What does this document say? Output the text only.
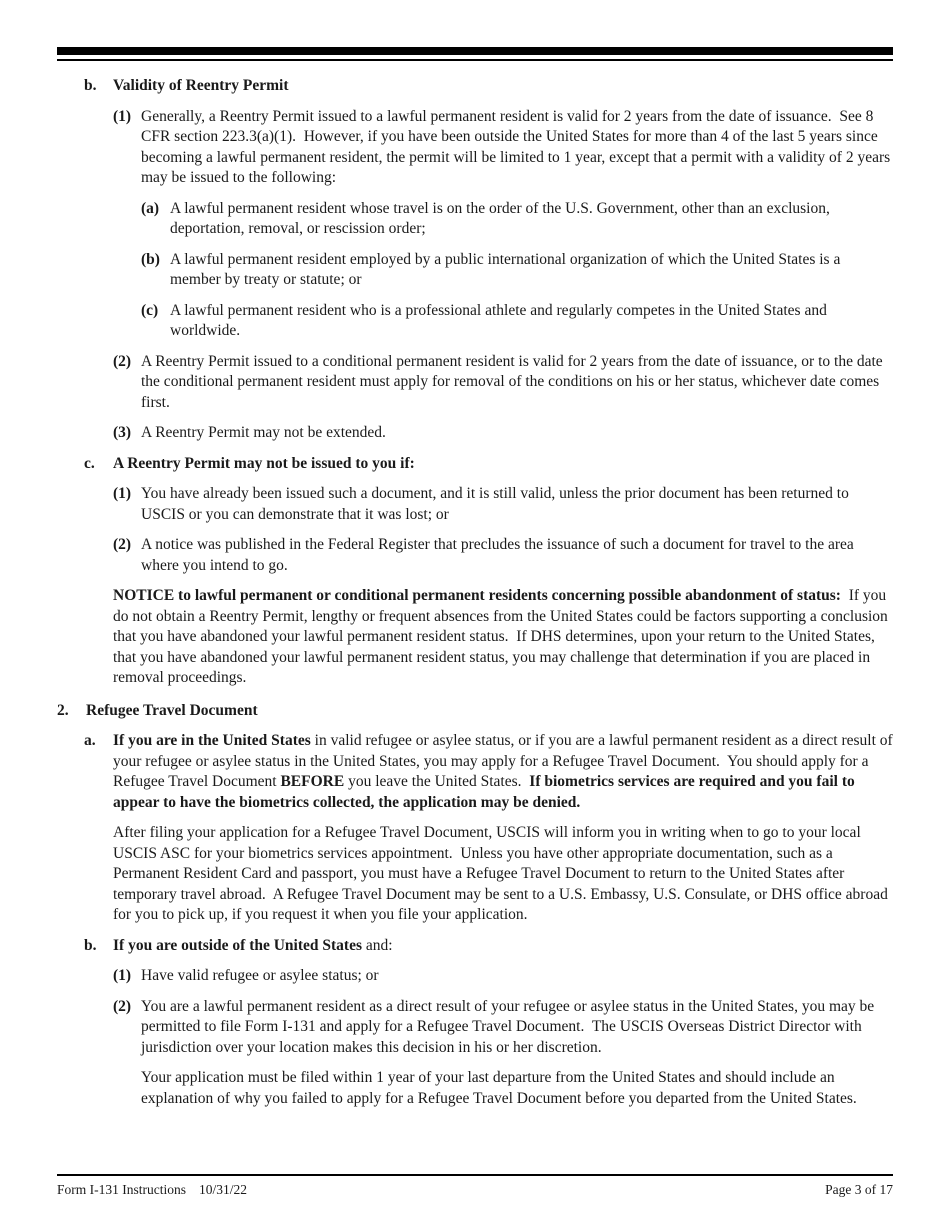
b. Validity of Reentry Permit
(1) Generally, a Reentry Permit issued to a lawful permanent resident is valid for 2 years from the date of issuance.  See 8 CFR section 223.3(a)(1).  However, if you have been outside the United States for more than 4 of the last 5 years since becoming a lawful permanent resident, the permit will be limited to 1 year, except that a permit with a validity of 2 years may be issued to the following:
(a) A lawful permanent resident whose travel is on the order of the U.S. Government, other than an exclusion, deportation, removal, or rescission order;
(b) A lawful permanent resident employed by a public international organization of which the United States is a member by treaty or statute; or
(c) A lawful permanent resident who is a professional athlete and regularly competes in the United States and worldwide.
(2) A Reentry Permit issued to a conditional permanent resident is valid for 2 years from the date of issuance, or to the date the conditional permanent resident must apply for removal of the conditions on his or her status, whichever date comes first.
(3) A Reentry Permit may not be extended.
c. A Reentry Permit may not be issued to you if:
(1) You have already been issued such a document, and it is still valid, unless the prior document has been returned to USCIS or you can demonstrate that it was lost; or
(2) A notice was published in the Federal Register that precludes the issuance of such a document for travel to the area where you intend to go.
NOTICE to lawful permanent or conditional permanent residents concerning possible abandonment of status:  If you do not obtain a Reentry Permit, lengthy or frequent absences from the United States could be factors supporting a conclusion that you have abandoned your lawful permanent resident status.  If DHS determines, upon your return to the United States, that you have abandoned your lawful permanent resident status, you may challenge that determination if you are placed in removal proceedings.
2. Refugee Travel Document
a. If you are in the United States in valid refugee or asylee status, or if you are a lawful permanent resident as a direct result of your refugee or asylee status in the United States, you may apply for a Refugee Travel Document.  You should apply for a Refugee Travel Document BEFORE you leave the United States.  If biometrics services are required and you fail to appear to have the biometrics collected, the application may be denied.
After filing your application for a Refugee Travel Document, USCIS will inform you in writing when to go to your local USCIS ASC for your biometrics services appointment.  Unless you have other appropriate documentation, such as a Permanent Resident Card and passport, you must have a Refugee Travel Document to return to the United States after temporary travel abroad.  A Refugee Travel Document may be sent to a U.S. Embassy, U.S. Consulate, or DHS office abroad for you to pick up, if you request it when you file your application.
b. If you are outside of the United States and:
(1) Have valid refugee or asylee status; or
(2) You are a lawful permanent resident as a direct result of your refugee or asylee status in the United States, you may be permitted to file Form I-131 and apply for a Refugee Travel Document.  The USCIS Overseas District Director with jurisdiction over your location makes this decision in his or her discretion.
Your application must be filed within 1 year of your last departure from the United States and should include an explanation of why you failed to apply for a Refugee Travel Document before you departed from the United States.
Form I-131 Instructions 10/31/22	Page 3 of 17
